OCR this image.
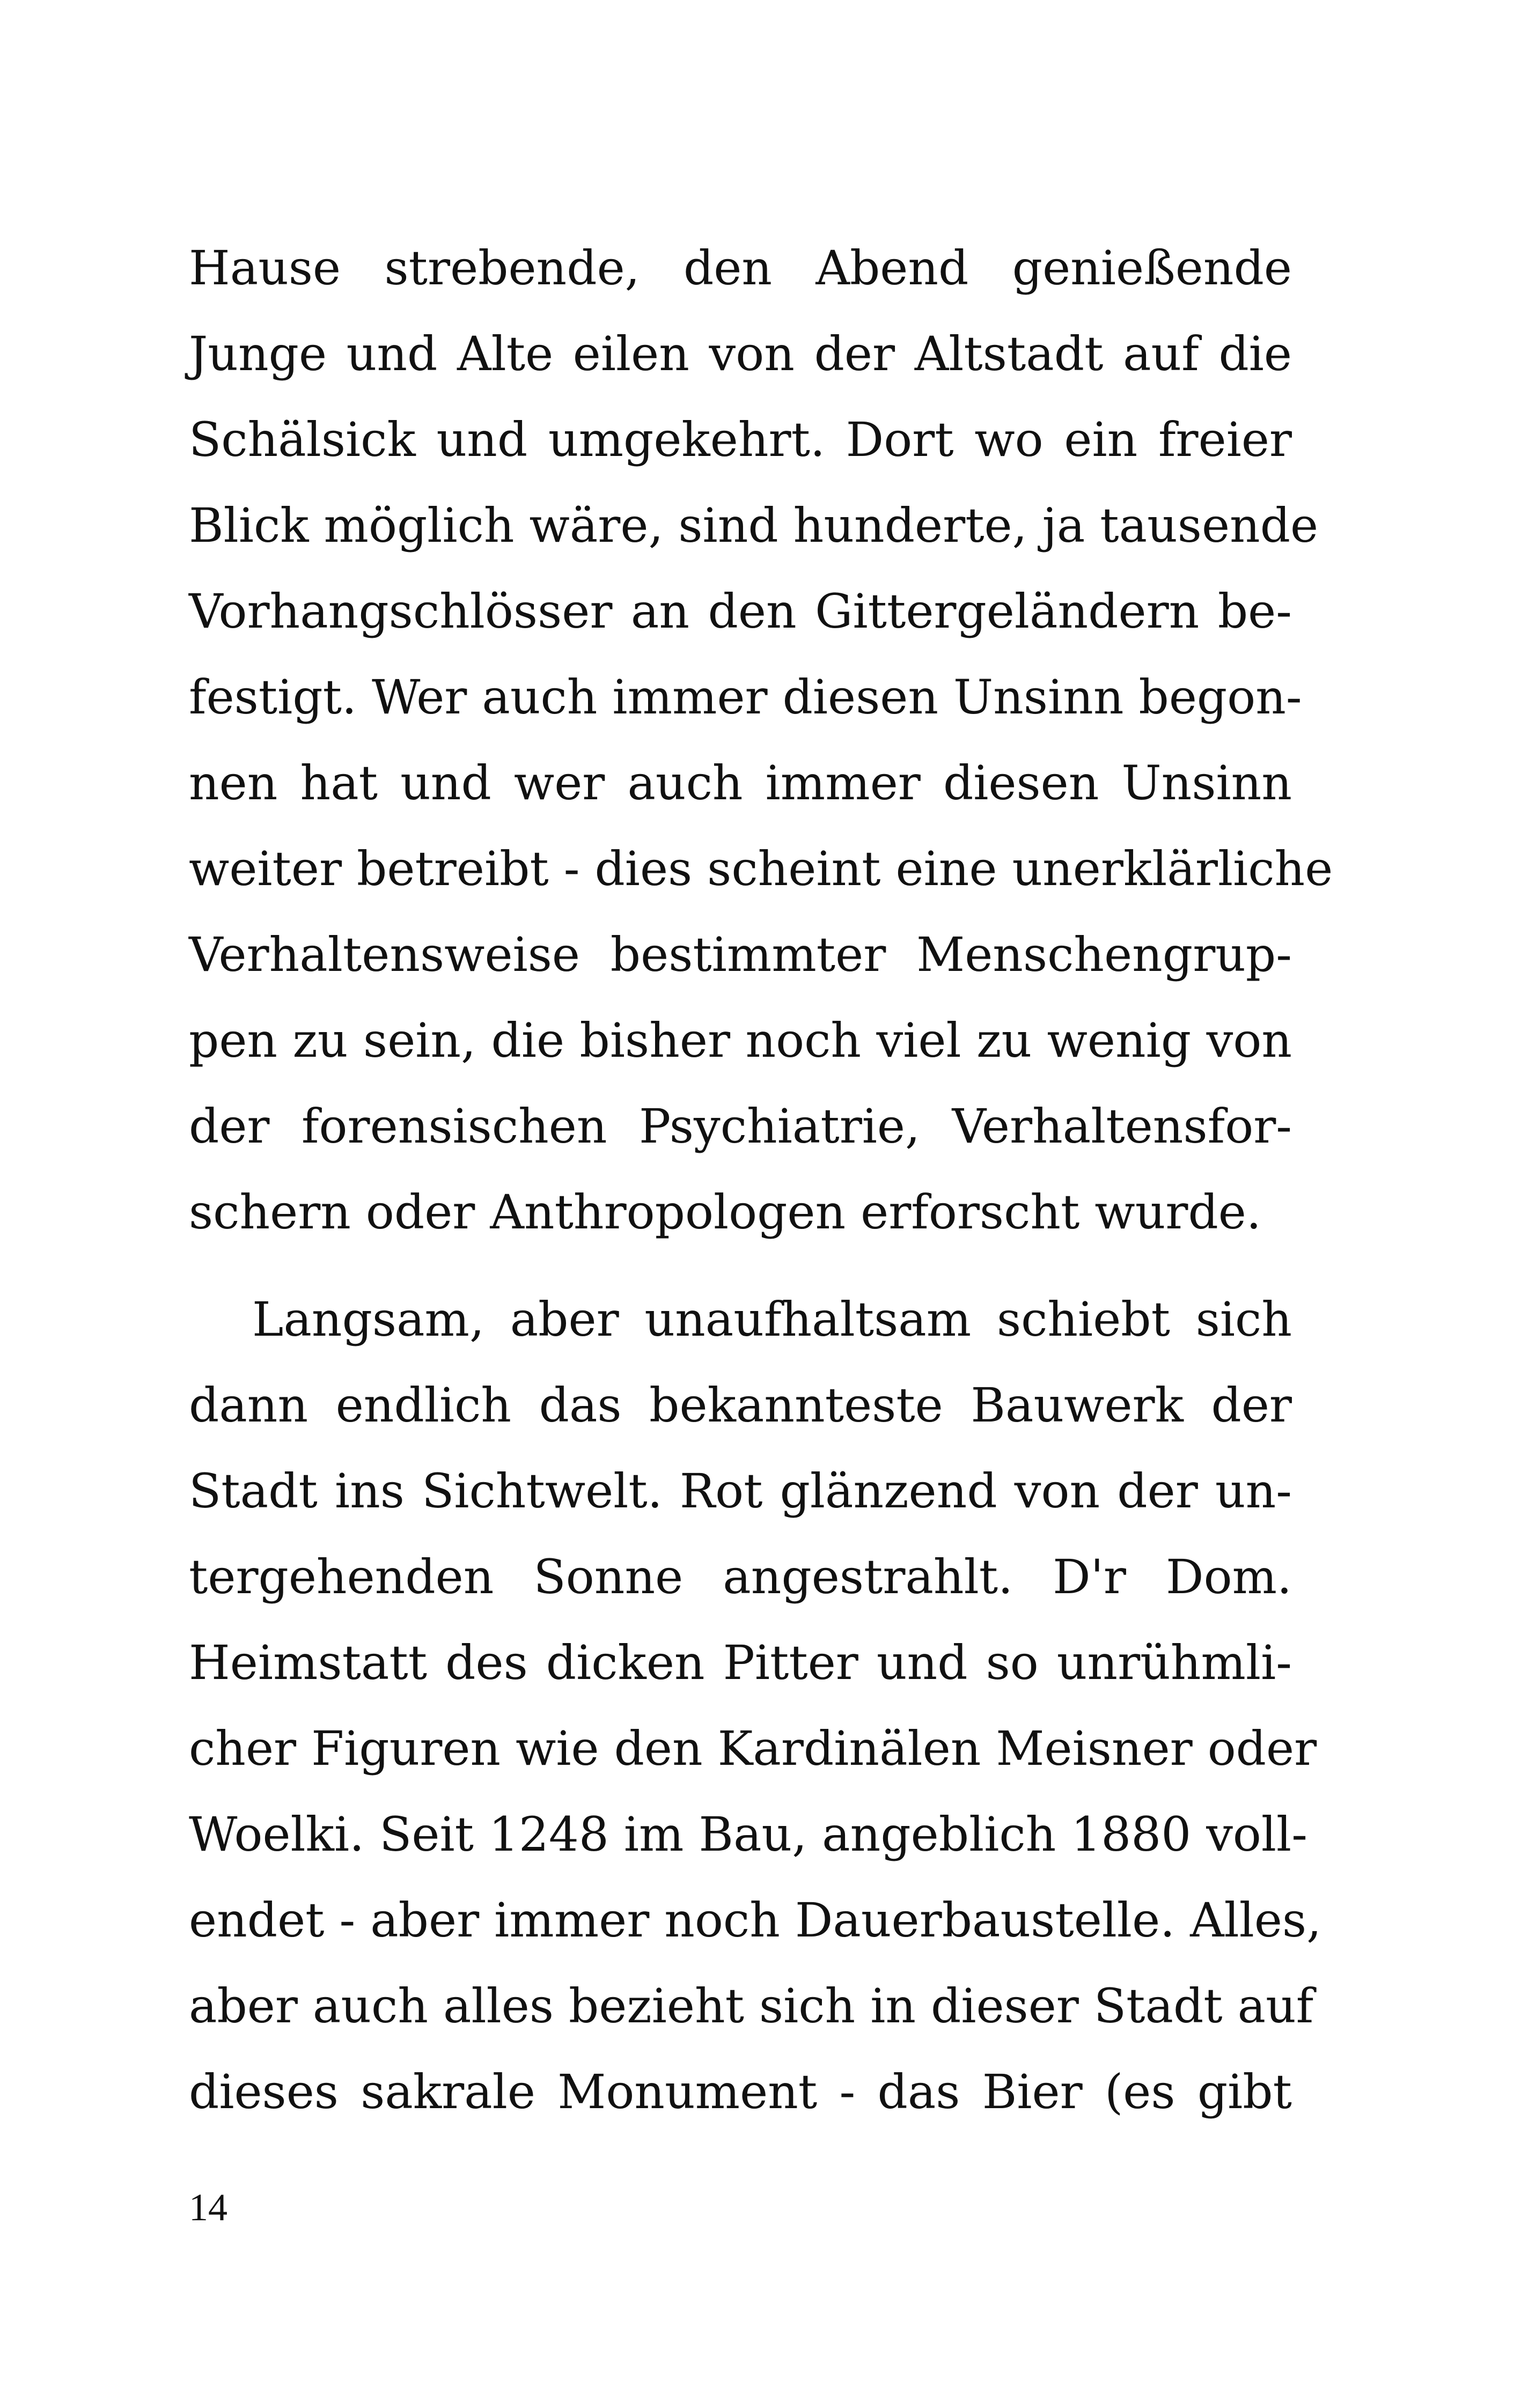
Hause strebende, den Abend genießende
Junge und Alte eilen von der Altstadt auf die
Schälsick und umgekehrt. Dort wo ein freier
Blick möglich wäre, sind hunderte, ja tausende
Vorhangschlösser an den Gittergeländern be-
festigt. Wer auch immer diesen Unsinn begon-
nen hat und wer auch immer diesen Unsinn
weiter betreibt - dies scheint eine unerklärliche
Verhaltensweise bestimmter Menschengrup-
pen zu sein, die bisher noch viel zu wenig von
der forensischen Psychiatrie, Verhaltensfor-
schern oder Anthropologen erforscht wurde.
Langsam, aber unaufhaltsam schiebt sich
dann endlich das bekannteste Bauwerk der
Stadt ins Sichtwelt. Rot glänzend von der un-
tergehenden Sonne angestrahlt. D'r Dom.
Heimstatt des dicken Pitter und so unrühmli-
cher Figuren wie den Kardinälen Meisner oder
Woelki. Seit 1248 im Bau, angeblich 1880 voll-
endet - aber immer noch Dauerbaustelle. Alles,
aber auch alles bezieht sich in dieser Stadt auf
dieses sakrale Monument - das Bier (es gibt
14
